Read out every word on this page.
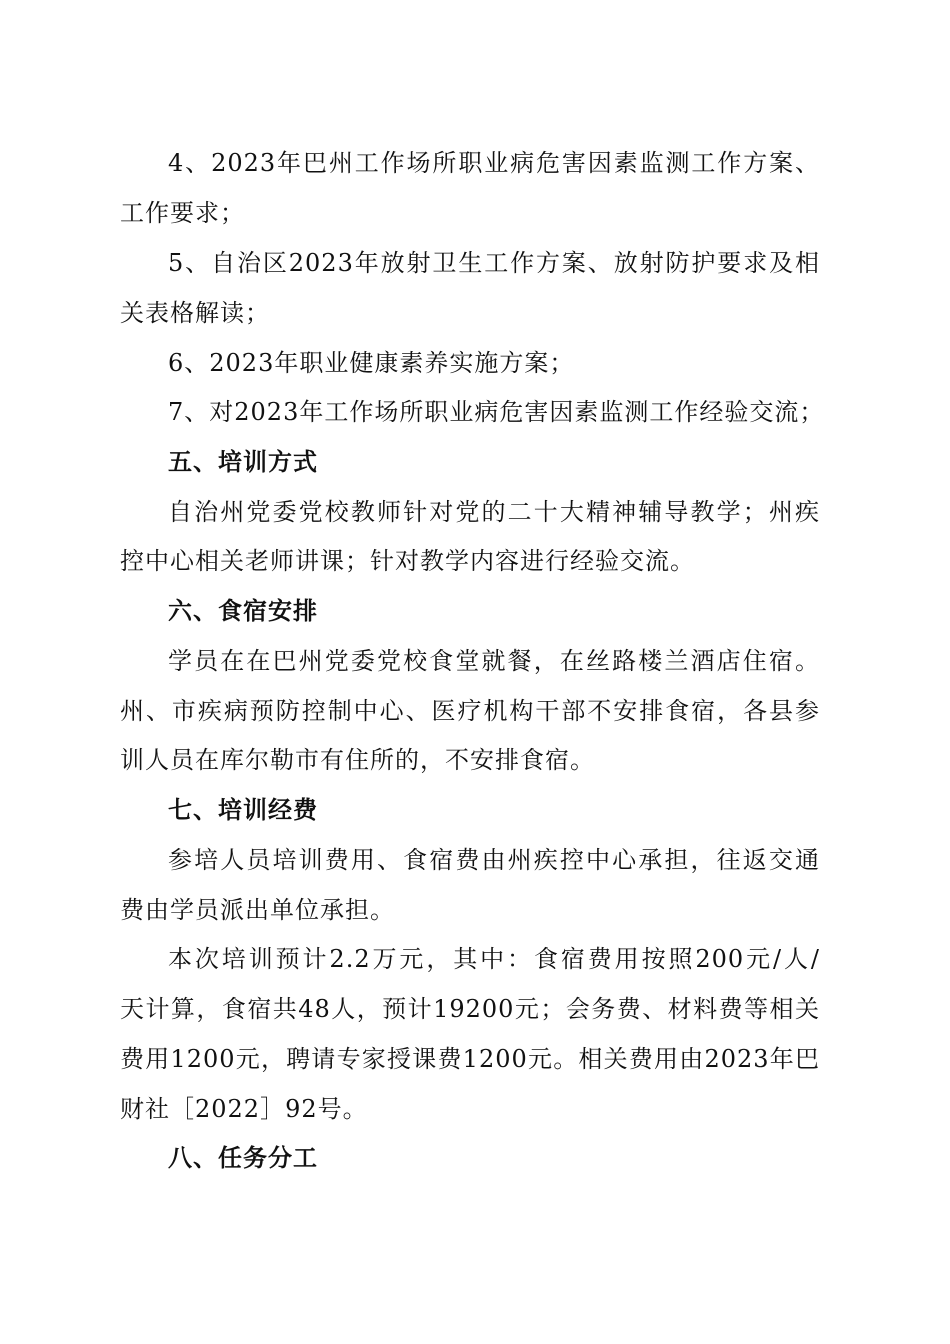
4、2023年巴州工作场所职业病危害因素监测工作方案、
工作要求；
5、自治区2023年放射卫生工作方案、放射防护要求及相
关表格解读；
6、2023年职业健康素养实施方案；
7、对2023年工作场所职业病危害因素监测工作经验交流；
五、培训方式
自治州党委党校教师针对党的二十大精神辅导教学；州疾
控中心相关老师讲课；针对教学内容进行经验交流。
六、食宿安排
学员在在巴州党委党校食堂就餐，在丝路楼兰酒店住宿。
州、市疾病预防控制中心、医疗机构干部不安排食宿，各县参
训人员在库尔勒市有住所的，不安排食宿。
七、培训经费
参培人员培训费用、食宿费由州疾控中心承担，往返交通
费由学员派出单位承担。
本次培训预计2.2万元，其中：食宿费用按照200元/人/
天计算，食宿共48人，预计19200元；会务费、材料费等相关
费用1200元，聘请专家授课费1200元。相关费用由2023年巴
财社［2022］92号。
八、任务分工
